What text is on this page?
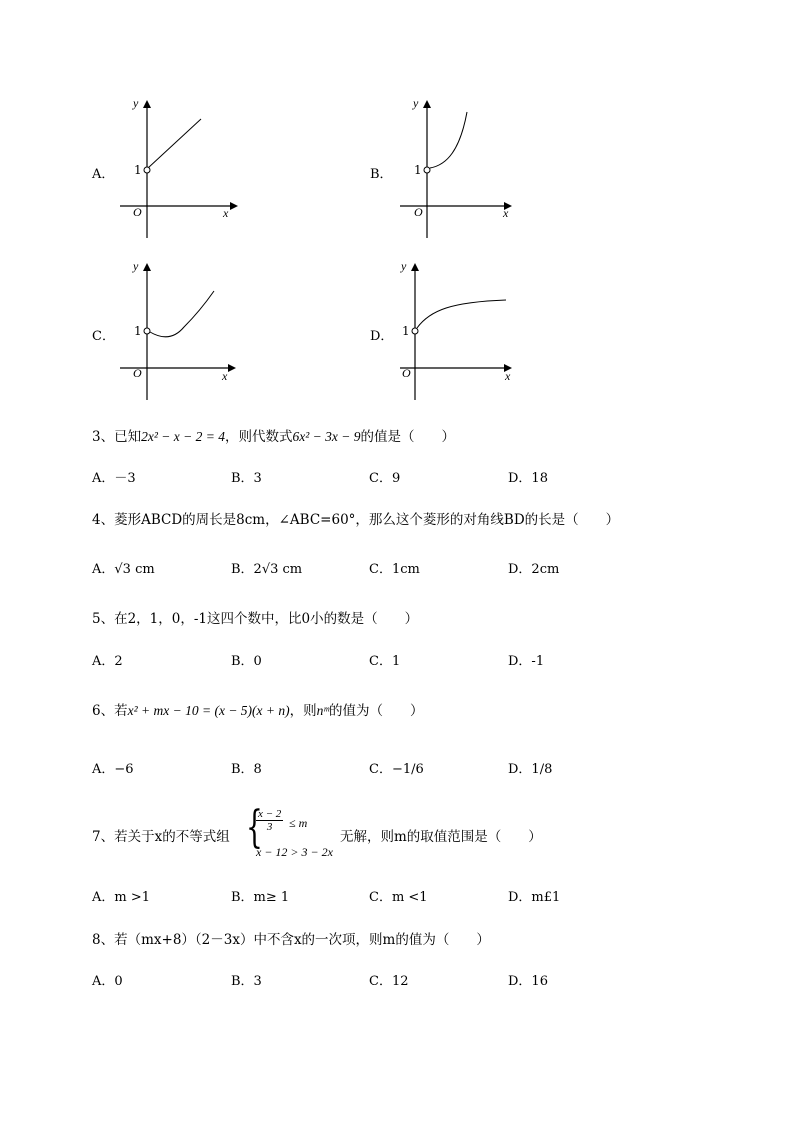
A．
y
x
O
1	B．
y
x
O
1
C．
y
x
O
1	D．
y
x
O
1
3、已知2x² − x − 2 = 4，则代数式6x² − 3x − 9的值是（　　）
A．－3	B．3	C．9	D．18
4、菱形ABCD的周长是8cm，∠ABC=60°，那么这个菱形的对角线BD的长是（　　）
A．√3 cm	B．2√3 cm	C．1cm	D．2cm
5、在2，1，0，-1这四个数中，比0小的数是（　　）
A．2	B．0	C．1	D．-1
6、若x² + mx − 10 = (x − 5)(x + n)，则nᵐ的值为（　　）
A．−6	B．8	C．−1/6	D．1/8
7、若关于x的不等式组 {
$\frac{x - 2}{3} \le m$
x − 12 > 3 − 2x
无解，则m的取值范围是（　　）
A．m >1	B．m≥ 1	C．m <1	D．m£1
8、若（mx+8）（2－3x）中不含x的一次项，则m的值为（　　）
A．0	B．3	C．12	D．16
